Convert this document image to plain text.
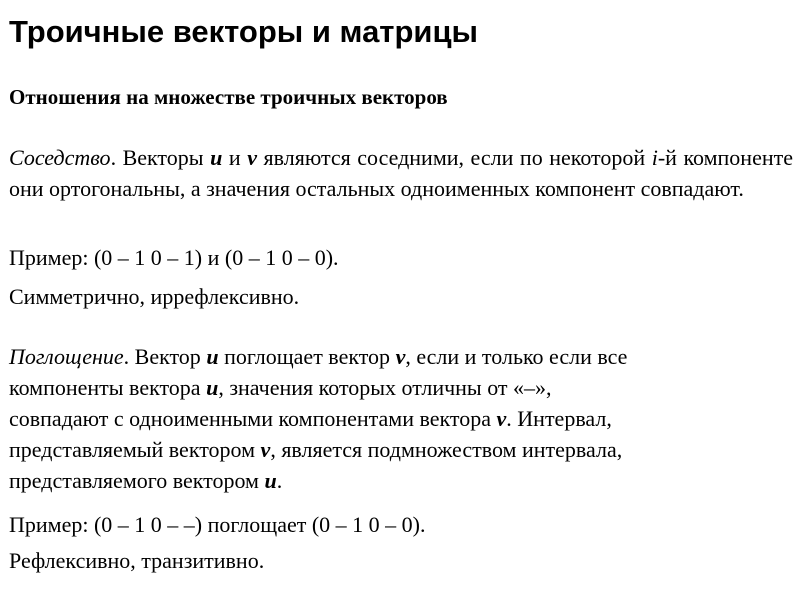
Троичные векторы и матрицы
Отношения на множестве троичных векторов

Соседство. Векторы u и v являются соседними, если по некоторой i-й компоненте они ортогональны, а значения остальных одноименных компонент совпадают.

Пример: (0 – 1 0 – 1) и (0 – 1 0 – 0).

Симметрично, иррефлексивно.

Поглощение. Вектор u поглощает вектор v, если и только если все
компоненты вектора u, значения которых отличны от «–»,
совпадают с одноименными компонентами вектора v. Интервал,
представляемый вектором v, является подмножеством интервала,
представляемого вектором u.

Пример: (0 – 1 0 – –) поглощает (0 – 1 0 – 0).

Рефлексивно, транзитивно.
